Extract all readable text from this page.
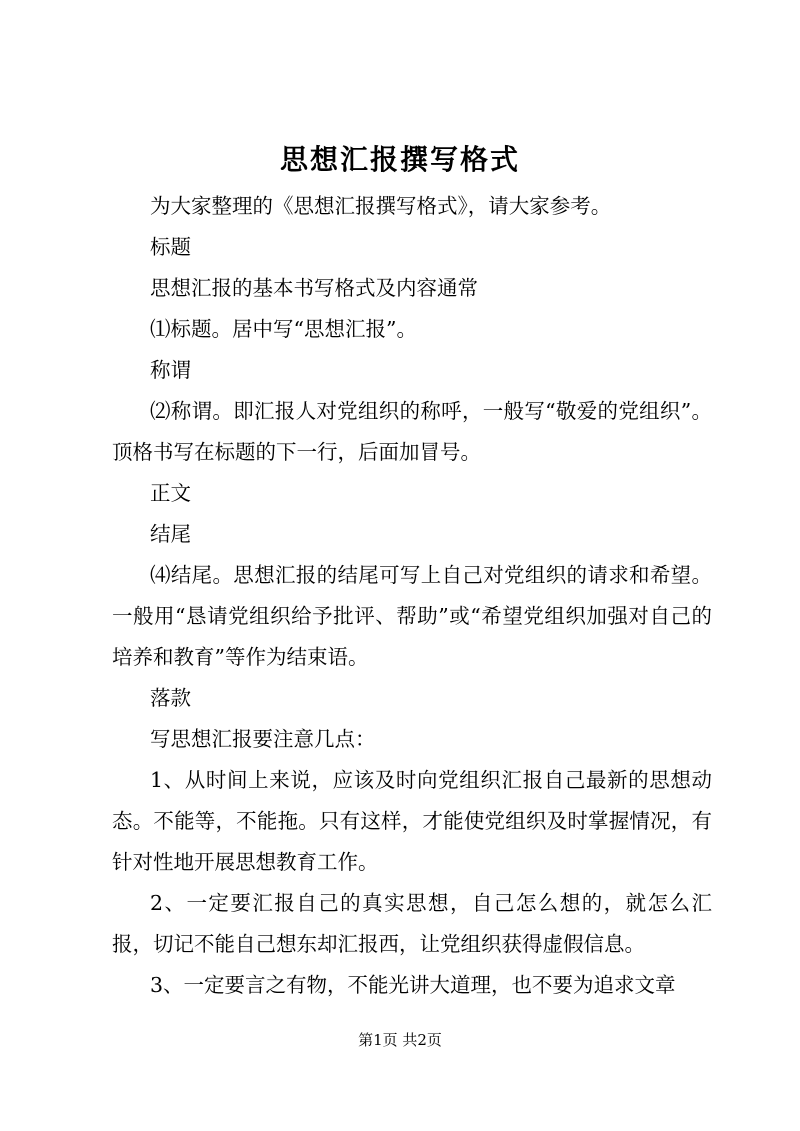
思想汇报撰写格式

为大家整理的《思想汇报撰写格式》，请大家参考。

标题

思想汇报的基本书写格式及内容通常

⑴标题。居中写“思想汇报”。

称谓

⑵称谓。即汇报人对党组织的称呼，一般写“敬爱的党组织”。顶格书写在标题的下一行，后面加冒号。

正文

结尾

⑷结尾。思想汇报的结尾可写上自己对党组织的请求和希望。一般用“恳请党组织给予批评、帮助”或“希望党组织加强对自己的培养和教育”等作为结束语。

落款

写思想汇报要注意几点：

1、从时间上来说，应该及时向党组织汇报自己最新的思想动态。不能等，不能拖。只有这样，才能使党组织及时掌握情况，有针对性地开展思想教育工作。

2、一定要汇报自己的真实思想，自己怎么想的，就怎么汇报，切记不能自己想东却汇报西，让党组织获得虚假信息。

3、一定要言之有物，不能光讲大道理，也不要为追求文章

第1页 共2页
